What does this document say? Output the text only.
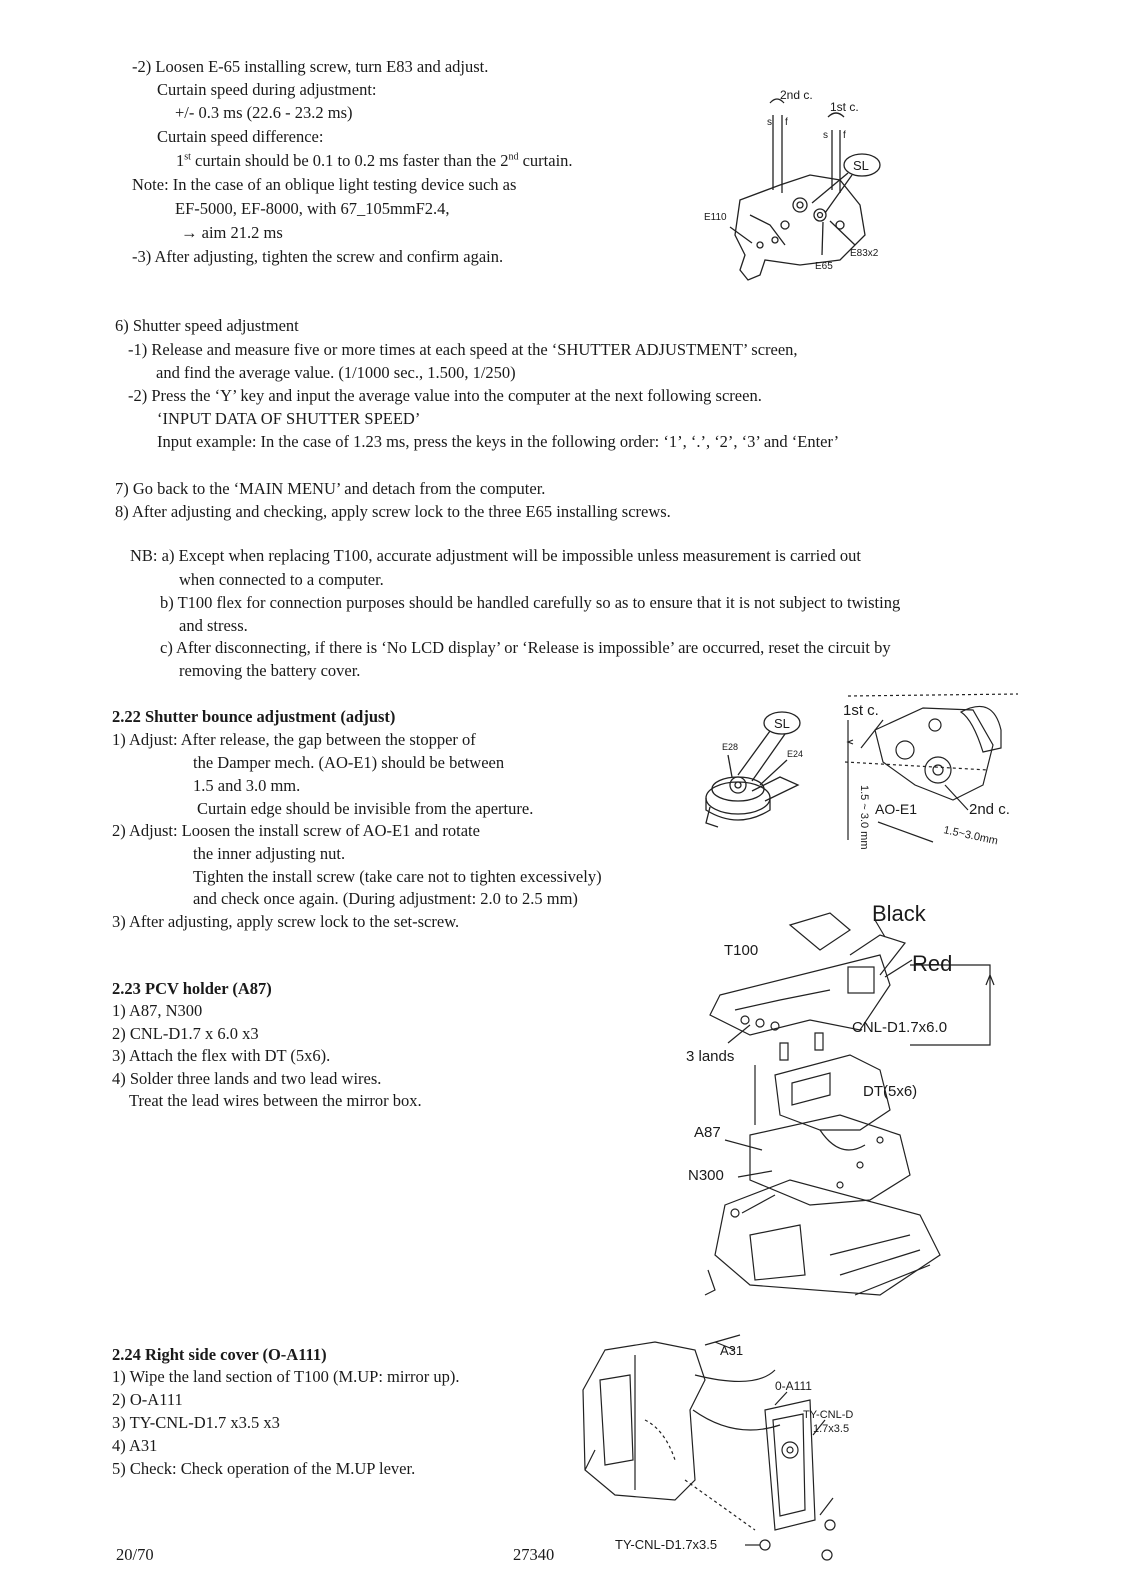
-2) Loosen E-65 installing screw, turn E83 and adjust.
Curtain speed during adjustment:
+/- 0.3 ms (22.6 - 23.2 ms)
Curtain speed difference:
1st curtain should be 0.1 to 0.2 ms faster than the 2nd curtain.
Note: In the case of an oblique light testing device such as
EF-5000, EF-8000, with 67_105mmF2.4,
→ aim 21.2 ms
-3) After adjusting, tighten the screw and confirm again.
2nd c.
1st c.
s f
s f
SL
E110
E65
E83x2
6) Shutter speed adjustment
-1) Release and measure five or more times at each speed at the ‘SHUTTER ADJUSTMENT’ screen,
and find the average value. (1/1000 sec., 1.500, 1/250)
-2) Press the ‘Y’ key and input the average value into the computer at the next following screen.
‘INPUT DATA OF SHUTTER SPEED’
Input example: In the case of 1.23 ms, press the keys in the following order: ‘1’, ‘.’, ‘2’, ‘3’ and ‘Enter’
7) Go back to the ‘MAIN MENU’ and detach from the computer.
8) After adjusting and checking, apply screw lock to the three E65 installing screws.
NB: a) Except when replacing T100, accurate adjustment will be impossible unless measurement is carried out
when connected to a computer.
b) T100 flex for connection purposes should be handled carefully so as to ensure that it is not subject to twisting
and stress.
c) After disconnecting, if there is ‘No LCD display’ or ‘Release is impossible’ are occurred, reset the circuit by
removing the battery cover.
2.22 Shutter bounce adjustment (adjust)
1) Adjust: After release, the gap between the stopper of
the Damper mech. (AO-E1) should be between
1.5 and 3.0 mm.
Curtain edge should be invisible from the aperture.
2) Adjust: Loosen the install screw of AO-E1 and rotate
the inner adjusting nut.
Tighten the install screw (take care not to tighten excessively)
and check once again. (During adjustment: 2.0 to 2.5 mm)
3) After adjusting, apply screw lock to the set-screw.
SL
E28
E24
1st c.
AO-E1	2nd c.
1.5 ~ 3.0 mm	1.5~3.0mm
2.23 PCV holder (A87)
1) A87, N300
2) CNL-D1.7 x 6.0 x3
3) Attach the flex with DT (5x6).
4) Solder three lands and two lead wires.
Treat the lead wires between the mirror box.
Black
Red
T100
CNL-D1.7x6.0
3 lands
DT(5x6)
A87
N300
2.24 Right side cover (O-A111)
1) Wipe the land section of T100 (M.UP: mirror up).
2) O-A111
3) TY-CNL-D1.7 x3.5 x3
4) A31
5) Check: Check operation of the M.UP lever.
A31
0-A111
TY-CNL-D
1.7x3.5
TY-CNL-D1.7x3.5
20/70	27340
